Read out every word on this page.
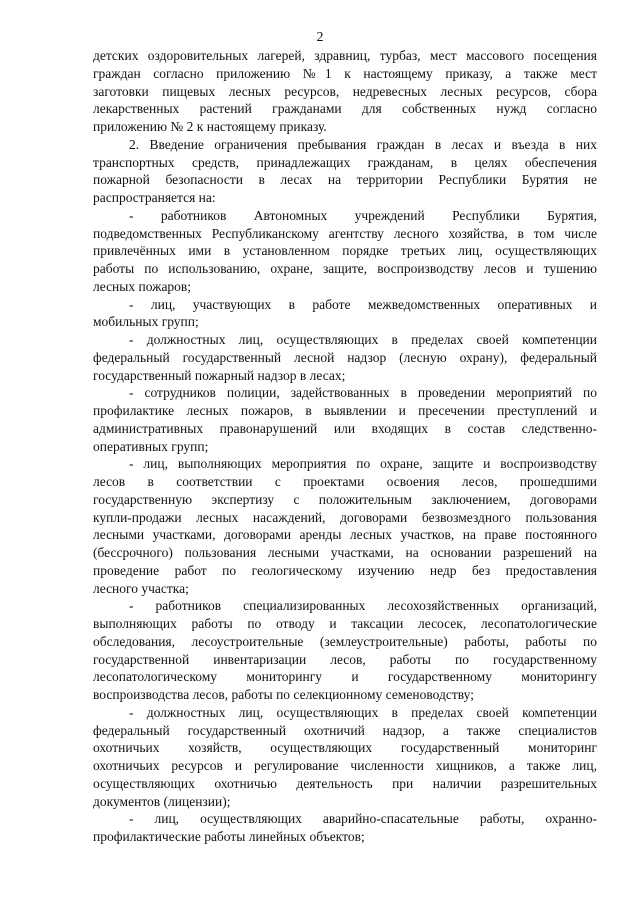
2
детских оздоровительных лагерей, здравниц, турбаз, мест массового посещения
граждан согласно приложению №1 к настоящему приказу, а также мест
заготовки пищевых лесных ресурсов, недревесных лесных ресурсов, сбора
лекарственных растений гражданами для собственных нужд согласно
приложению № 2 к настоящему приказу.
2. Введение ограничения пребывания граждан в лесах и въезда в них
транспортных средств, принадлежащих гражданам, в целях обеспечения
пожарной безопасности в лесах на территории Республики Бурятия не
распространяется на:
- работников Автономных учреждений Республики Бурятия,
подведомственных Республиканскому агентству лесного хозяйства, в том числе
привлечённых ими в установленном порядке третьих лиц, осуществляющих
работы по использованию, охране, защите, воспроизводству лесов и тушению
лесных пожаров;
- лиц, участвующих в работе межведомственных оперативных и
мобильных групп;
- должностных лиц, осуществляющих в пределах своей компетенции
федеральный государственный лесной надзор (лесную охрану), федеральный
государственный пожарный надзор в лесах;
- сотрудников полиции, задействованных в проведении мероприятий по
профилактике лесных пожаров, в выявлении и пресечении преступлений и
административных правонарушений или входящих в состав следственно-
оперативных групп;
- лиц, выполняющих мероприятия по охране, защите и воспроизводству
лесов в соответствии с проектами освоения лесов, прошедшими
государственную экспертизу с положительным заключением, договорами
купли-продажи лесных насаждений, договорами безвозмездного пользования
лесными участками, договорами аренды лесных участков, на праве постоянного
(бессрочного) пользования лесными участками, на основании разрешений на
проведение работ по геологическому изучению недр без предоставления
лесного участка;
- работников специализированных лесохозяйственных организаций,
выполняющих работы по отводу и таксации лесосек, лесопатологические
обследования, лесоустроительные (землеустроительные) работы, работы по
государственной инвентаризации лесов, работы по государственному
лесопатологическому мониторингу и государственному мониторингу
воспроизводства лесов, работы по селекционному семеноводству;
- должностных лиц, осуществляющих в пределах своей компетенции
федеральный государственный охотничий надзор, а также специалистов
охотничьих хозяйств, осуществляющих государственный мониторинг
охотничьих ресурсов и регулирование численности хищников, а также лиц,
осуществляющих охотничью деятельность при наличии разрешительных
документов (лицензии);
- лиц, осуществляющих аварийно-спасательные работы, охранно-
профилактические работы линейных объектов;
